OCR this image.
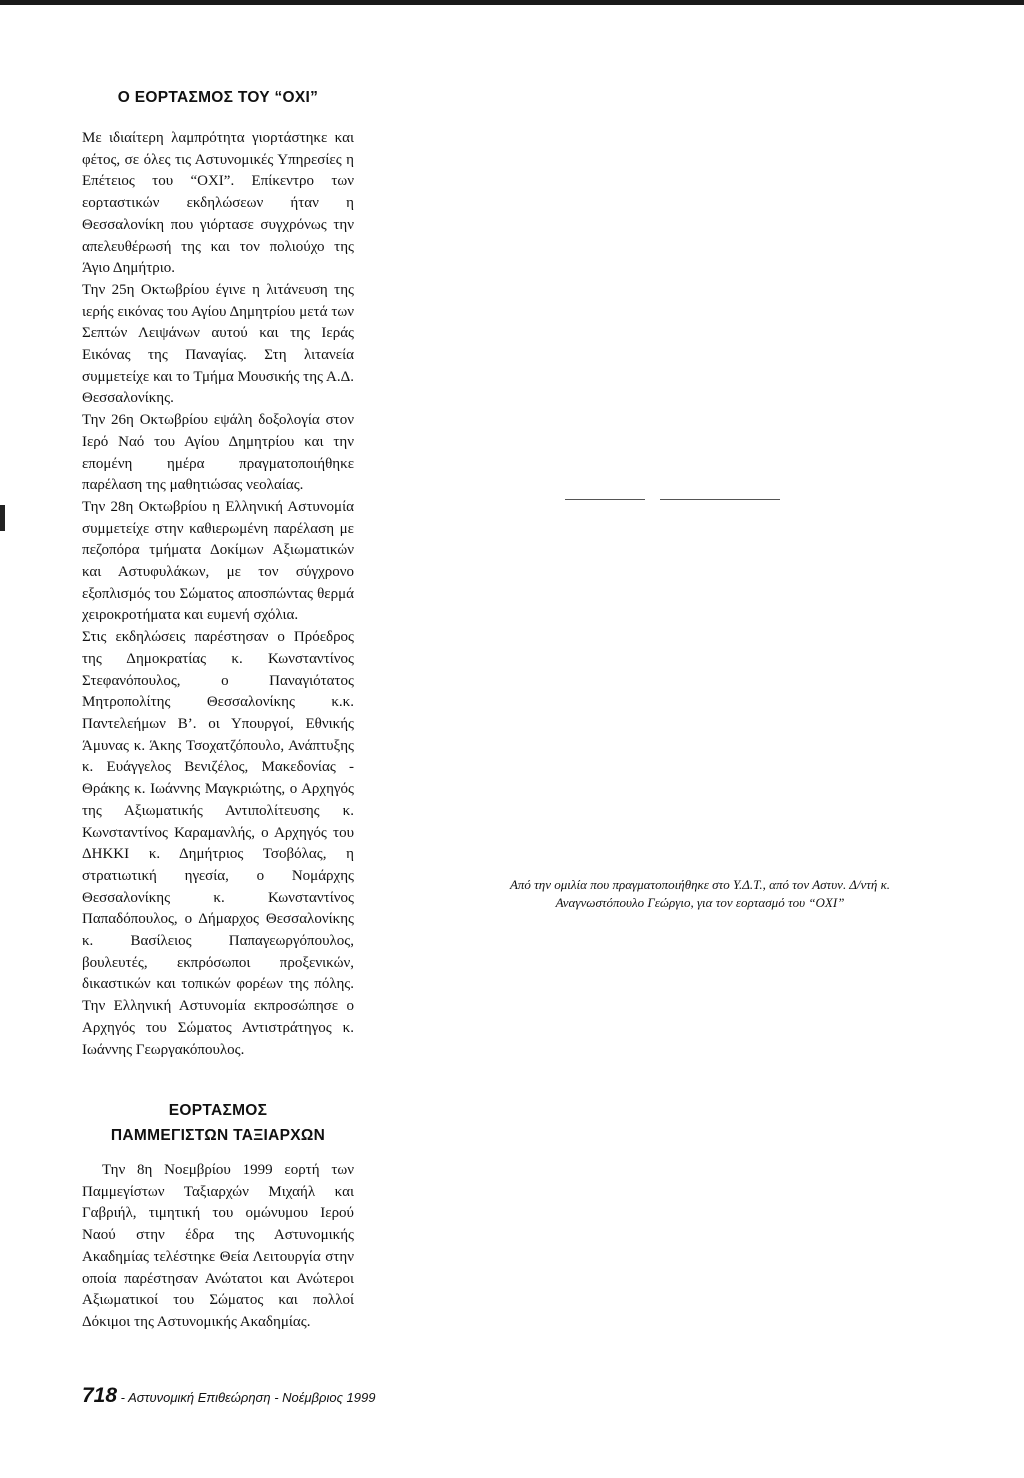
Ο ΕΟΡΤΑΣΜΟΣ ΤΟΥ “ΟΧΙ”

Με ιδιαίτερη λαμπρότητα γιορτάστηκε και φέτος, σε όλες τις Αστυνομικές Υπηρεσίες η Επέτειος του “ΟΧΙ”. Επίκεντρο των εορταστικών εκδηλώσεων ήταν η Θεσσαλονίκη που γιόρτασε συγχρόνως την απελευθέρωσή της και τον πολιούχο της Άγιο Δημήτριο.

Την 25η Οκτωβρίου έγινε η λιτάνευση της ιερής εικόνας του Αγίου Δημητρίου μετά των Σεπτών Λειψάνων αυτού και της Ιεράς Εικόνας της Παναγίας. Στη λιτανεία συμμετείχε και το Τμήμα Μουσικής της Α.Δ. Θεσσαλονίκης.

Την 26η Οκτωβρίου εψάλη δοξολογία στον Ιερό Ναό του Αγίου Δημητρίου και την επομένη ημέρα πραγματοποιήθηκε παρέλαση της μαθητιώσας νεολαίας.

Την 28η Οκτωβρίου η Ελληνική Αστυνομία συμμετείχε στην καθιερωμένη παρέλαση με πεζοπόρα τμήματα Δοκίμων Αξιωματικών και Αστυφυλάκων, με τον σύγχρονο εξοπλισμός του Σώματος αποσπώντας θερμά χειροκροτήματα και ευμενή σχόλια.

Στις εκδηλώσεις παρέστησαν ο Πρόεδρος της Δημοκρατίας κ. Κωνσταντίνος Στεφανόπουλος, ο Παναγιότατος Μητροπολίτης Θεσσαλονίκης κ.κ. Παντελεήμων Β’. οι Υπουργοί, Εθνικής Άμυνας κ. Άκης Τσοχατζόπουλο, Ανάπτυξης κ. Ευάγγελος Βενιζέλος, Μακεδονίας - Θράκης κ. Ιωάννης Μαγκριώτης, ο Αρχηγός της Αξιωματικής Αντιπολίτευσης κ. Κωνσταντίνος Καραμανλής, ο Αρχηγός του ΔΗΚΚΙ κ. Δημήτριος Τσοβόλας, η στρατιωτική ηγεσία, ο Νομάρχης Θεσσαλονίκης κ. Κωνσταντίνος Παπαδόπουλος, ο Δήμαρχος Θεσσαλονίκης κ. Βασίλειος Παπαγεωργόπουλος, βουλευτές, εκπρόσωποι προξενικών, δικαστικών και τοπικών φορέων της πόλης. Την Ελληνική Αστυνομία εκπροσώπησε ο Αρχηγός του Σώματος Αντιστράτηγος κ. Ιωάννης Γεωργακόπουλος.

Από την ομιλία που πραγματοποιήθηκε στο Υ.Δ.Τ., από τον Αστυν. Δ/ντή κ.
Αναγνωστόπουλο Γεώργιο, για τον εορτασμό του “ΟΧΙ”
ΕΟΡΤΑΣΜΟΣ
ΠΑΜΜΕΓΙΣΤΩΝ ΤΑΞΙΑΡΧΩΝ

Την 8η Νοεμβρίου 1999 εορτή των Παμμεγίστων Ταξιαρχών Μιχαήλ και Γαβριήλ, τιμητική του ομώνυμου Ιερού Ναού στην έδρα της Αστυνομικής Ακαδημίας τελέστηκε Θεία Λειτουργία στην οποία παρέστησαν Ανώτατοι και Ανώτεροι Αξιωματικοί του Σώματος και πολλοί Δόκιμοι της Αστυνομικής Ακαδημίας.

718 - Αστυνομική Επιθεώρηση - Νοέμβριος 1999
